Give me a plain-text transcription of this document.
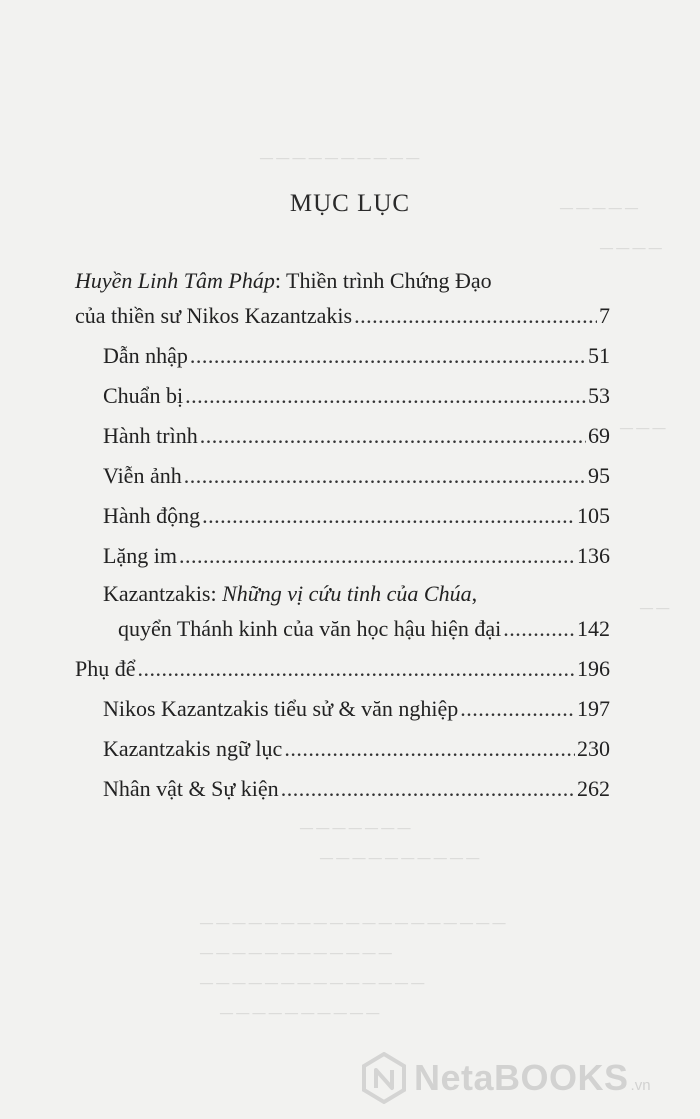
— — — — — — — — — —
— — — — —
— — — —
— — —
— —
— — — — — — —
— — — — — — — — — —
— — — — — — — — — — — — — — — — — — —
— — — — — — — — — — — —
— — — — — — — — — — — — — —
— — — — — — — — — —
MỤC LỤC
Huyền Linh Tâm Pháp: Thiền trình Chứng Đạo
của thiền sư Nikos Kazantzakis .....	7
Dẫn nhập .....	51
Chuẩn bị .....	53
Hành trình .....	69
Viễn ảnh .....	95
Hành động .....	105
Lặng im .....	136
Kazantzakis: Những vị cứu tinh của Chúa,
quyển Thánh kinh của văn học hậu hiện đại .....	142
Phụ để .....	196
Nikos Kazantzakis tiểu sử & văn nghiệp .....	197
Kazantzakis ngữ lục .....	230
Nhân vật & Sự kiện .....	262
NetaBOOKS .vn
